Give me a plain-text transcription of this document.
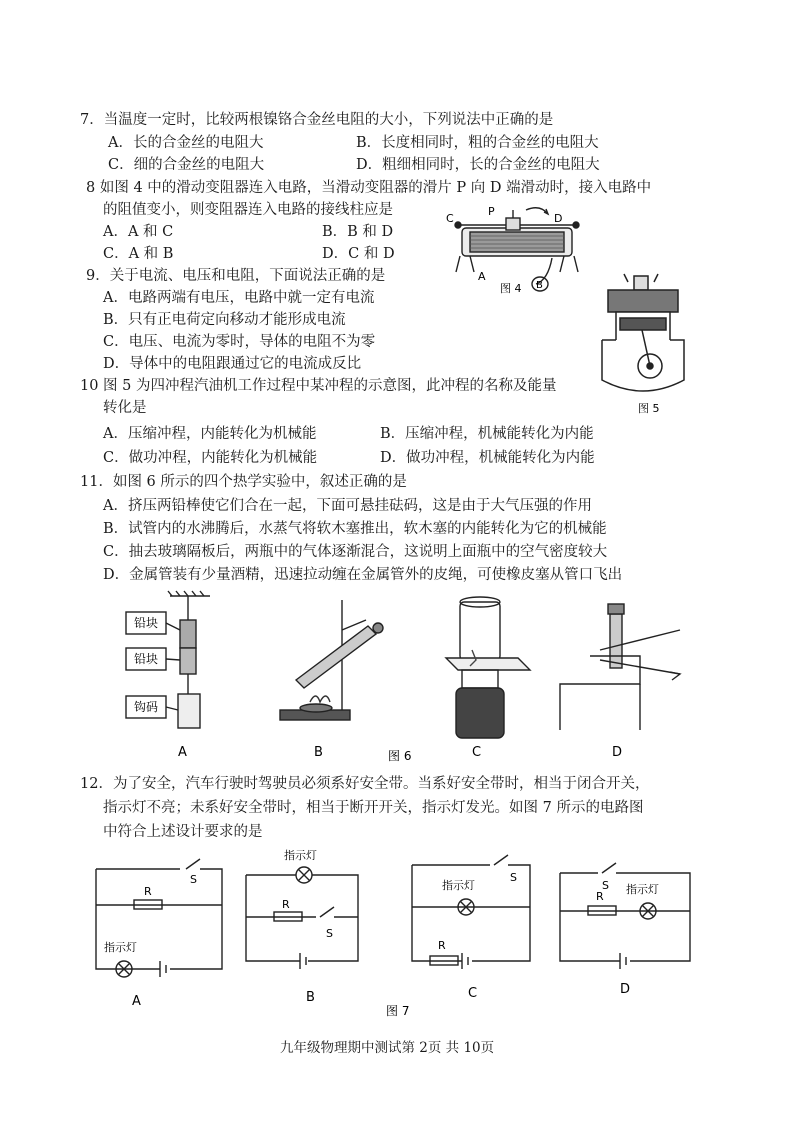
7．当温度一定时，比较两根镍铬合金丝电阻的大小，下列说法中正确的是
A．长的合金丝的电阻大	B．长度相同时，粗的合金丝的电阻大
C．细的合金丝的电阻大	D．粗细相同时，长的合金丝的电阻大
8 如图 4 中的滑动变阻器连入电路，当滑动变阻器的滑片 P 向 D 端滑动时，接入电路中
的阻值变小，则变阻器连入电路的接线柱应是
A．A 和 C	B．B 和 D
C．A 和 B	D．C 和 D
C
P
D
A
B
图 4
9．关于电流、电压和电阻，下面说法正确的是
A．电路两端有电压，电路中就一定有电流
B．只有正电荷定向移动才能形成电流
C．电压、电流为零时，导体的电阻不为零
D．导体中的电阻跟通过它的电流成反比
图 5
10 图 5 为四冲程汽油机工作过程中某冲程的示意图，此冲程的名称及能量
转化是
A．压缩冲程，内能转化为机械能	B．压缩冲程，机械能转化为内能
C．做功冲程，内能转化为机械能	D．做功冲程，机械能转化为内能
11．如图 6 所示的四个热学实验中，叙述正确的是
A．挤压两铅棒使它们合在一起，下面可悬挂砝码，这是由于大气压强的作用
B．试管内的水沸腾后，水蒸气将软木塞推出，软木塞的内能转化为它的机械能
C．抽去玻璃隔板后，两瓶中的气体逐渐混合，这说明上面瓶中的空气密度较大
D．金属管装有少量酒精，迅速拉动缠在金属管外的皮绳，可使橡皮塞从管口飞出
铅块
铅块
钩码
A	B	图 6	C	D
12．为了安全，汽车行驶时驾驶员必须系好安全带。当系好安全带时，相当于闭合开关，
指示灯不亮；未系好安全带时，相当于断开开关，指示灯发光。如图 7 所示的电路图
中符合上述设计要求的是
S
R
指示灯
A
指示灯
R
S
B
S
指示灯
R
C
S
R
指示灯
D
图 7
九年级物理期中测试第 2页 共 10页
